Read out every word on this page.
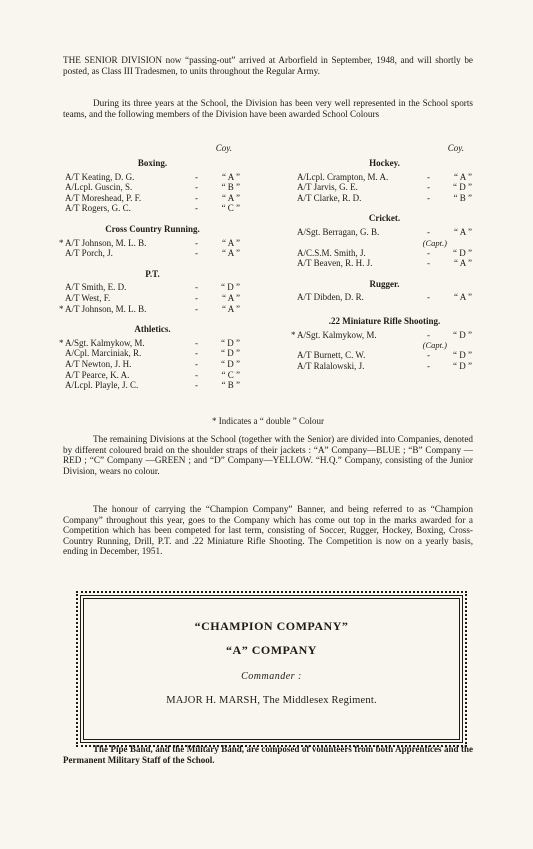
THE SENIOR DIVISION now “passing-out” arrived at Arborfield in September, 1948, and will shortly be posted, as Class III Tradesmen, to units throughout the Regular Army.
During its three years at the School, the Division has been very well represented in the School sports teams, and the following members of the Division have been awarded School Colours
Coy.
Boxing.
A/T Keating, D. G.	-	“ A ”
A/Lcpl. Guscin, S.	-	“ B ”
A/T Moreshead, P. F.	-	“ A ”
A/T Rogers, G. C.	-	“ C ”
Cross Country Running.
* A/T Johnson, M. L. B.	-	“ A ”
A/T Porch, J.	-	“ A ”
P.T.
A/T Smith, E. D.	-	“ D ”
A/T West, F.	-	“ A ”
* A/T Johnson, M. L. B.	-	“ A ”
Athletics.
* A/Sgt. Kalmykow, M.	-	“ D ”
A/Cpl. Marciniak, R.	-	“ D ”
A/T Newton, J. H.	-	“ D ”
A/T Pearce, K. A.	-	“ C ”
A/Lcpl. Playle, J. C.	-	“ B ”
Coy.
Hockey.
A/Lcpl. Crampton, M. A.	-	“ A ”
A/T Jarvis, G. E.	-	“ D ”
A/T Clarke, R. D.	-	“ B ”
Cricket.
A/Sgt. Berragan, G. B.	-	“ A ”
(Capt.)
A/C.S.M. Smith, J.	-	“ D ”
A/T Beaven, R. H. J.	-	“ A ”
Rugger.
A/T Dibden, D. R.	-	“ A ”
.22 Miniature Rifle Shooting.
* A/Sgt. Kalmykow, M.	-	“ D ”
(Capt.)
A/T Burnett, C. W.	-	“ D ”
A/T Ralalowski, J.	-	“ D ”
* Indicates a “ double ” Colour
The remaining Divisions at the School (together with the Senior) are divided into Companies, denoted by different coloured braid on the shoulder straps of their jackets : “A” Company—BLUE ; “B” Company —RED ; “C” Company —GREEN ; and “D” Company—YELLOW. “H.Q.” Company, consisting of the Junior Division, wears no colour.
The honour of carrying the “Champion Company” Banner, and being referred to as “Champion Company” throughout this year, goes to the Company which has come out top in the marks awarded for a Competition which has been competed for last term, consisting of Soccer, Rugger, Hockey, Boxing, Cross-Country Running, Drill, P.T. and .22 Miniature Rifle Shooting. The Competition is now on a yearly basis, ending in December, 1951.
“CHAMPION COMPANY”
“A” COMPANY
Commander :
MAJOR H. MARSH, The Middlesex Regiment.
The Pipe Band, and the Military Band, are composed of volunteers from both Apprentices and the Permanent Military Staff of the School.
